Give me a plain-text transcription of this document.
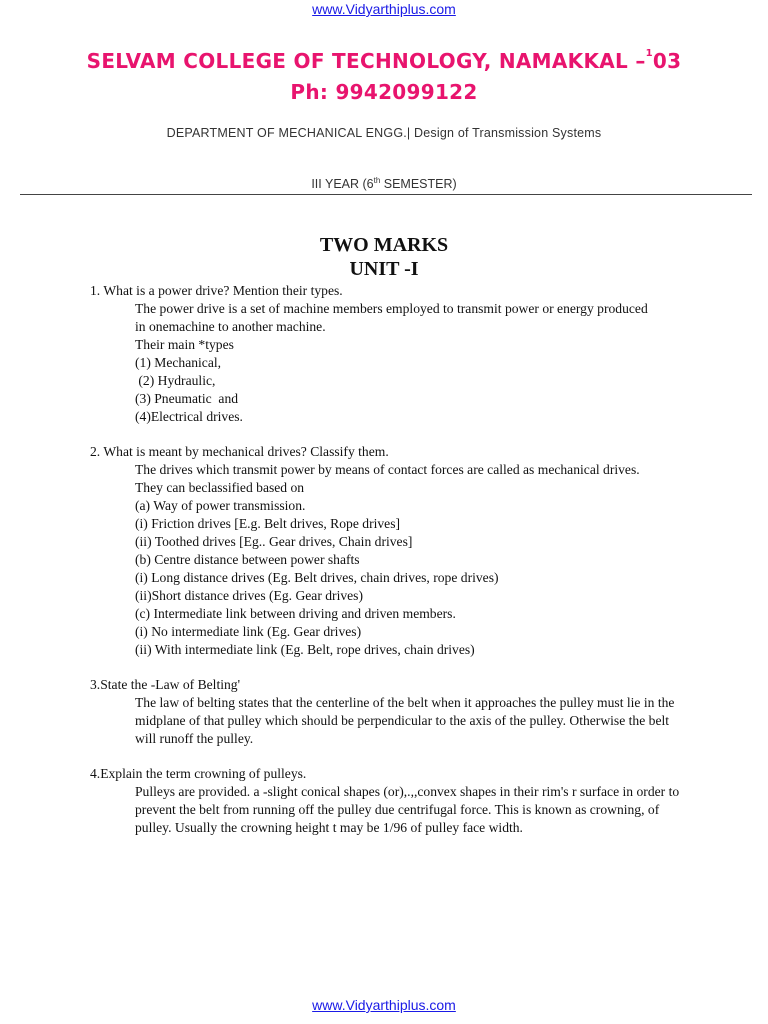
www.Vidyarthiplus.com
SELVAM COLLEGE OF TECHNOLOGY, NAMAKKAL –$^1$03
Ph: 9942099122
DEPARTMENT OF MECHANICAL ENGG.| Design of Transmission Systems
III YEAR (6th SEMESTER)
TWO MARKS
UNIT -I
1. What is a power drive? Mention their types.
The power drive is a set of machine members employed to transmit power or energy produced in onemachine to another machine.
Their main *types
(1) Mechanical,
(2) Hydraulic,
(3) Pneumatic  and
(4)Electrical drives.
2. What is meant by mechanical drives? Classify them.
The drives which transmit power by means of contact forces are called as mechanical drives. They can beclassified based on
(a) Way of power transmission.
(i) Friction drives [E.g. Belt drives, Rope drives]
(ii) Toothed drives [Eg.. Gear drives, Chain drives]
(b) Centre distance between power shafts
(i) Long distance drives (Eg. Belt drives, chain drives, rope drives)
(ii)Short distance drives (Eg. Gear drives)
(c) Intermediate link between driving and driven members.
(i) No intermediate link (Eg. Gear drives)
(ii) With intermediate link (Eg. Belt, rope drives, chain drives)
3.State the -Law of Belting'
The law of belting states that the centerline of the belt when it approaches the pulley must lie in the midplane of that pulley which should be perpendicular to the axis of the pulley. Otherwise the belt will runoff the pulley.
4.Explain the term crowning of pulleys.
Pulleys are provided. a -slight conical shapes (or),.,,convex shapes in their rim's r surface in order to prevent the belt from running off the pulley due centrifugal force. This is known as crowning, of pulley. Usually the crowning height t may be 1/96 of pulley face width.
www.Vidyarthiplus.com
